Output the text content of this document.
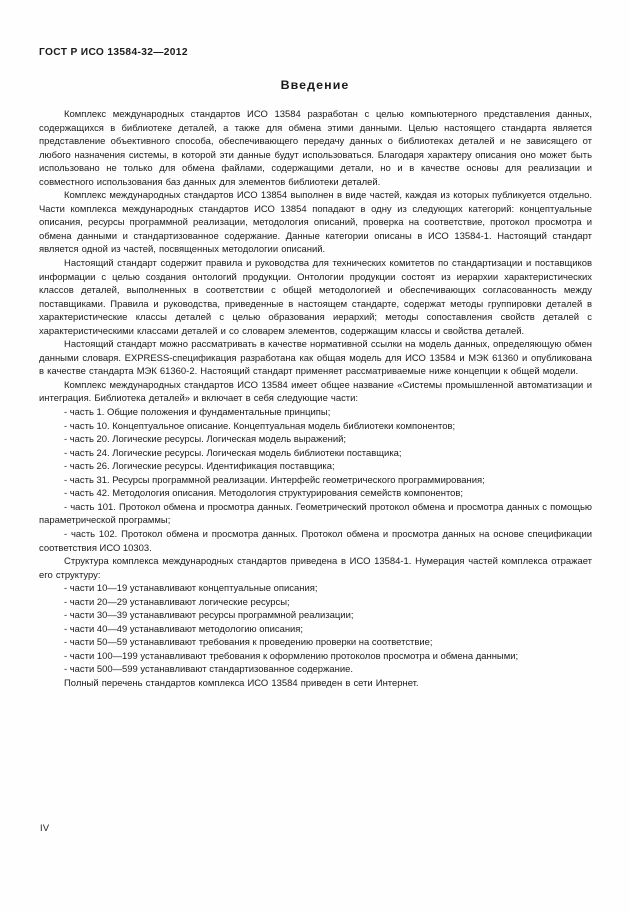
ГОСТ Р ИСО 13584-32—2012
Введение

Комплекс международных стандартов ИСО 13584 разработан с целью компьютерного представления данных, содержащихся в библиотеке деталей, а также для обмена этими данными. Целью настоящего стандарта является представление объективного способа, обеспечивающего передачу данных о библиотеках деталей и не зависящего от любого назначения системы, в которой эти данные будут использоваться. Благодаря характеру описания оно может быть использовано не только для обмена файлами, содержащими детали, но и в качестве основы для реализации и совместного использования баз данных для элементов библиотеки деталей.

Комплекс международных стандартов ИСО 13854 выполнен в виде частей, каждая из которых публикуется отдельно. Части комплекса международных стандартов ИСО 13854 попадают в одну из следующих категорий: концептуальные описания, ресурсы программной реализации, методология описаний, проверка на соответствие, протокол просмотра и обмена данными и стандартизованное содержание. Данные категории описаны в ИСО 13584-1. Настоящий стандарт является одной из частей, посвященных методологии описаний.

Настоящий стандарт содержит правила и руководства для технических комитетов по стандартизации и поставщиков информации с целью создания онтологий продукции. Онтологии продукции состоят из иерархии характеристических классов деталей, выполненных в соответствии с общей методологией и обеспечивающих согласованность между поставщиками. Правила и руководства, приведенные в настоящем стандарте, содержат методы группировки деталей в характеристические классы деталей с целью образования иерархий; методы сопоставления свойств деталей с характеристическими классами деталей и со словарем элементов, содержащим классы и свойства деталей.

Настоящий стандарт можно рассматривать в качестве нормативной ссылки на модель данных, определяющую обмен данными словаря. EXPRESS-спецификация разработана как общая модель для ИСО 13584 и МЭК 61360 и опубликована в качестве стандарта МЭК 61360-2. Настоящий стандарт применяет рассматриваемые ниже концепции к общей модели.

Комплекс международных стандартов ИСО 13584 имеет общее название «Системы промышленной автоматизации и интеграция. Библиотека деталей» и включает в себя следующие части:

- часть 1. Общие положения и фундаментальные принципы;
- часть 10. Концептуальное описание. Концептуальная модель библиотеки компонентов;
- часть 20. Логические ресурсы. Логическая модель выражений;
- часть 24. Логические ресурсы. Логическая модель библиотеки поставщика;
- часть 26. Логические ресурсы. Идентификация поставщика;
- часть 31. Ресурсы программной реализации. Интерфейс геометрического программирования;
- часть 42. Методология описания. Методология структурирования семейств компонентов;
- часть 101. Протокол обмена и просмотра данных. Геометрический протокол обмена и просмотра данных с помощью параметрической программы;
- часть 102. Протокол обмена и просмотра данных. Протокол обмена и просмотра данных на основе спецификации соответствия ИСО 10303.

Структура комплекса международных стандартов приведена в ИСО 13584-1. Нумерация частей комплекса отражает его структуру:

- части 10—19 устанавливают концептуальные описания;
- части 20—29 устанавливают логические ресурсы;
- части 30—39 устанавливают ресурсы программной реализации;
- части 40—49 устанавливают методологию описания;
- части 50—59 устанавливают требования к проведению проверки на соответствие;
- части 100—199 устанавливают требования к оформлению протоколов просмотра и обмена данными;
- части 500—599 устанавливают стандартизованное содержание.

Полный перечень стандартов комплекса ИСО 13584 приведен в сети Интернет.

IV
